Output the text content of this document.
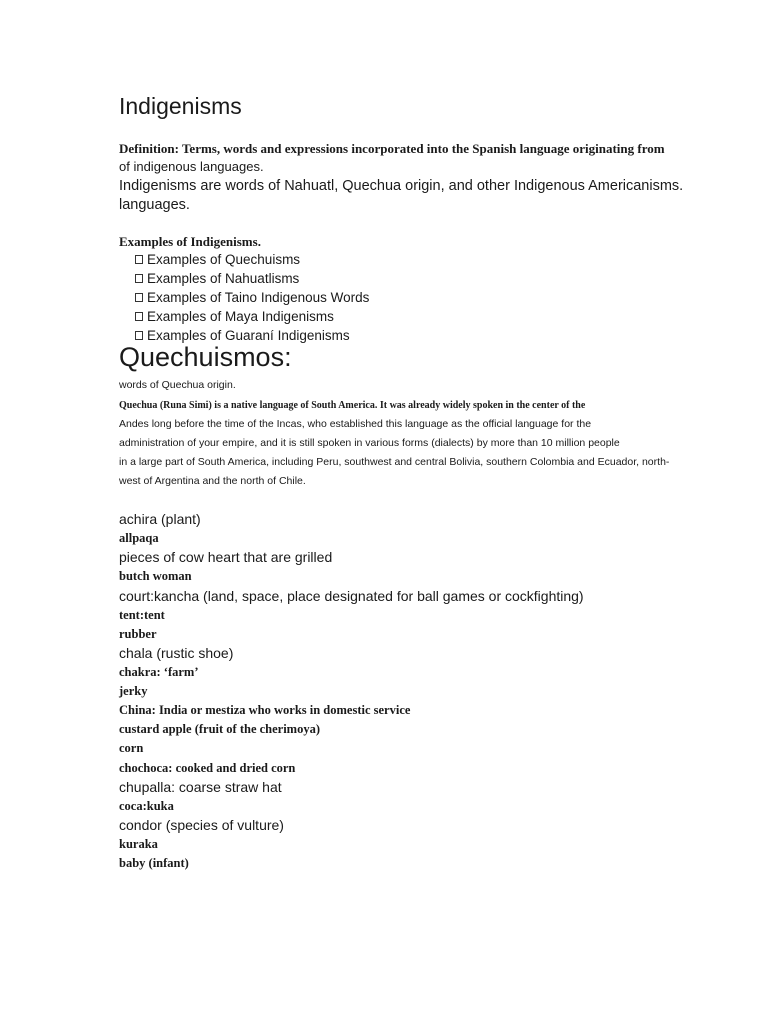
Indigenisms
Definition: Terms, words and expressions incorporated into the Spanish language originating from
of indigenous languages.
Indigenisms are words of Nahuatl, Quechua origin, and other Indigenous Americanisms.
languages.
Examples of Indigenisms.
Examples of Quechuisms
Examples of Nahuatlisms
Examples of Taino Indigenous Words
Examples of Maya Indigenisms
Examples of Guaraní Indigenisms
Quechuismos:
words of Quechua origin.
Quechua (Runa Simi) is a native language of South America. It was already widely spoken in the center of the
Andes long before the time of the Incas, who established this language as the official language for the
administration of your empire, and it is still spoken in various forms (dialects) by more than 10 million people
in a large part of South America, including Peru, southwest and central Bolivia, southern Colombia and Ecuador, north-
west of Argentina and the north of Chile.
achira (plant)
allpaqa
pieces of cow heart that are grilled
butch woman
court:kancha (land, space, place designated for ball games or cockfighting)
tent:tent
rubber
chala (rustic shoe)
chakra: ‘farm’
jerky
China: India or mestiza who works in domestic service
custard apple (fruit of the cherimoya)
corn
chochoca: cooked and dried corn
chupalla: coarse straw hat
coca:kuka
condor (species of vulture)
kuraka
baby (infant)
